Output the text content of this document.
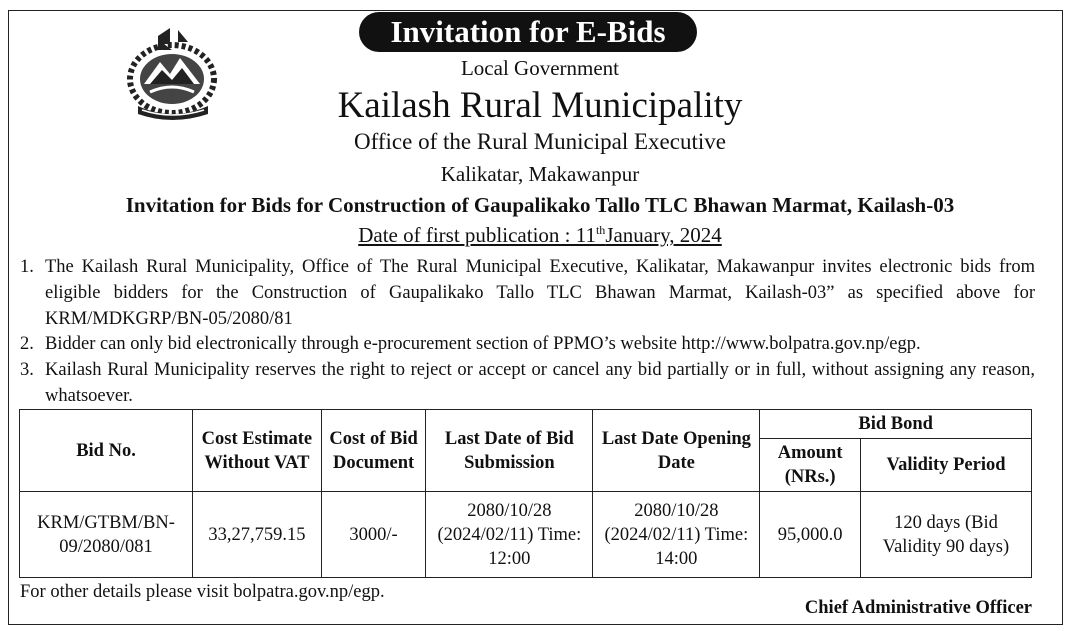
Invitation for E-Bids
Local Government
Kailash Rural Municipality
Office of the Rural Municipal Executive
Kalikatar, Makawanpur
Invitation for Bids for Construction of Gaupalikako Tallo TLC Bhawan Marmat, Kailash-03
Date of first publication : 11thJanuary, 2024
1. The Kailash Rural Municipality, Office of The Rural Municipal Executive, Kalikatar, Makawanpur invites electronic bids from eligible bidders for the Construction of Gaupalikako Tallo TLC Bhawan Marmat, Kailash-03” as specified above for KRM/MDKGRP/BN-05/2080/81
2. Bidder can only bid electronically through e-procurement section of PPMO’s website http://www.bolpatra.gov.np/egp.
3. Kailash Rural Municipality reserves the right to reject or accept or cancel any bid partially or in full, without assigning any reason, whatsoever.
Bid No.	Cost Estimate Without VAT	Cost of Bid Document	Last Date of Bid Submission	Last Date Opening Date	Bid Bond	
					Amount (NRs.)	Validity Period
KRM/GTBM/BN-09/2080/081	33,27,759.15	3000/-	2080/10/28 (2024/02/11) Time: 12:00	2080/10/28 (2024/02/11) Time: 14:00	95,000.0	120 days (Bid Validity 90 days)
For other details please visit bolpatra.gov.np/egp.
Chief Administrative Officer
